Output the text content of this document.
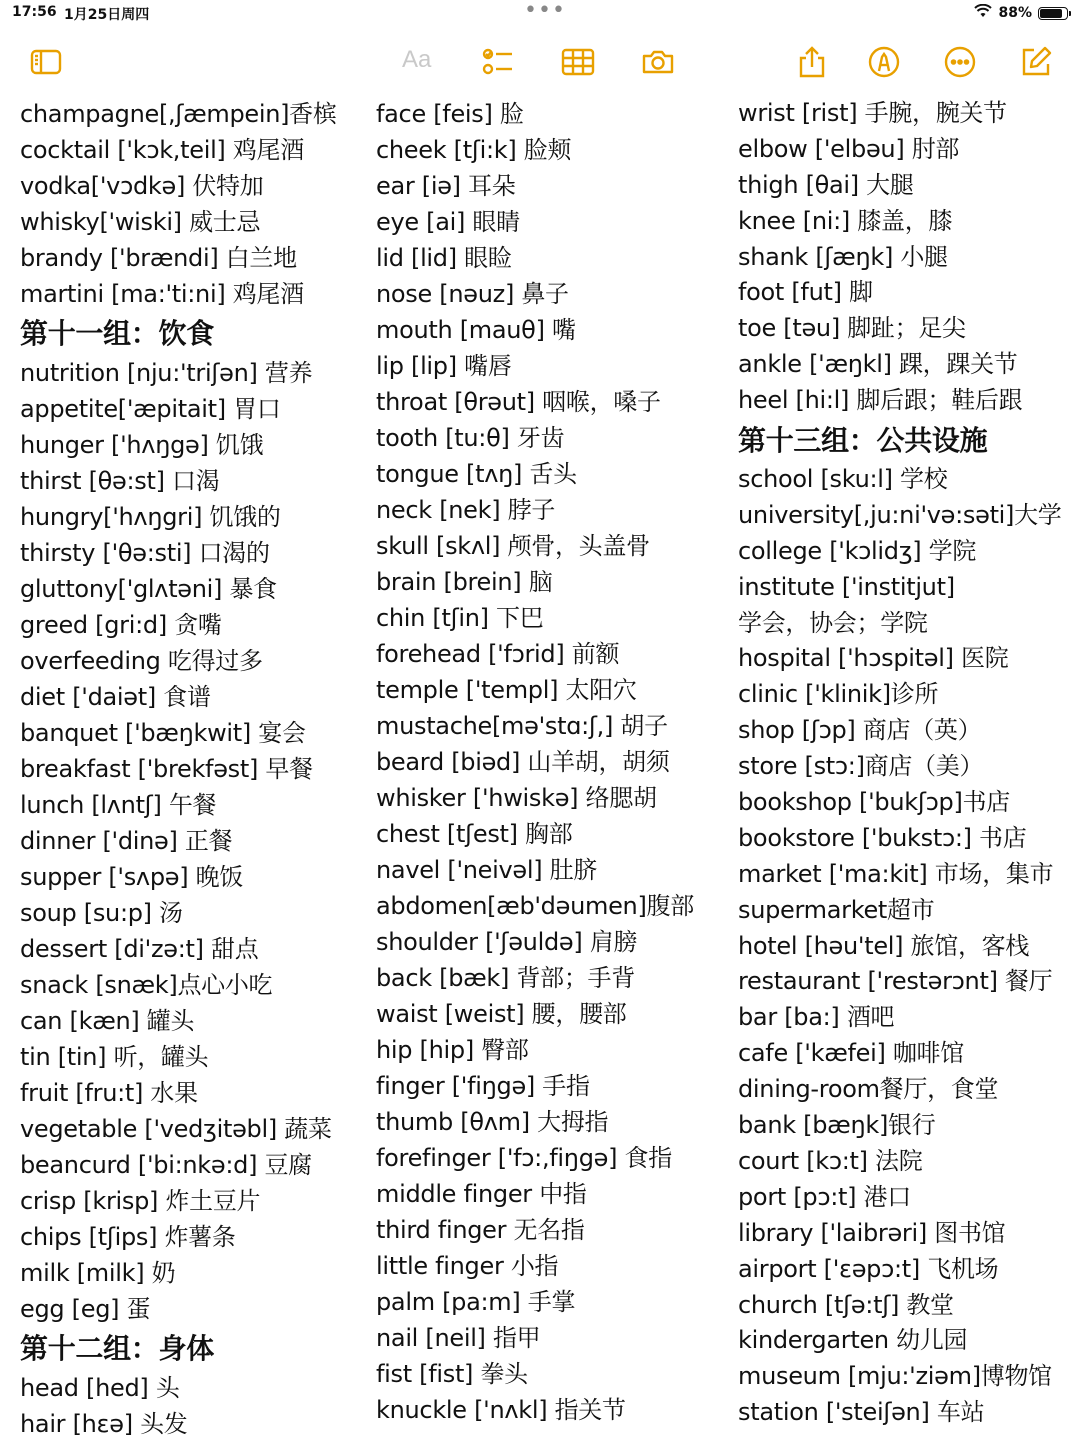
17:56 1月25日周四	•••	88%
Aa
champagne[,ʃæmpein]香槟
cocktail ['kɔk,teil] 鸡尾酒
vodka['vɔdkə] 伏特加
whisky['wiski] 威士忌
brandy ['brændi] 白兰地
martini [ma:'ti:ni] 鸡尾酒
第十一组：饮食
nutrition [nju:'triʃən] 营养
appetite['æpitait] 胃口
hunger ['hʌŋgə] 饥饿
thirst [θə:st] 口渴
hungry['hʌŋgri] 饥饿的
thirsty ['θə:sti] 口渴的
gluttony['glʌtəni] 暴食
greed [gri:d] 贪嘴
overfeeding 吃得过多
diet ['daiət] 食谱
banquet ['bæŋkwit] 宴会
breakfast ['brekfəst] 早餐
lunch [lʌntʃ] 午餐
dinner ['dinə] 正餐
supper ['sʌpə] 晚饭
soup [su:p] 汤
dessert [di'zə:t] 甜点
snack [snæk]点心小吃
can [kæn] 罐头
tin [tin] 听，罐头
fruit [fru:t] 水果
vegetable ['vedʒitəbl] 蔬菜
beancurd ['bi:nkə:d] 豆腐
crisp [krisp] 炸土豆片
chips [tʃips] 炸薯条
milk [milk] 奶
egg [eg] 蛋
第十二组：身体
head [hed] 头
hair [hεə] 头发
face [feis] 脸
cheek [tʃi:k] 脸颊
ear [iə] 耳朵
eye [ai] 眼睛
lid [lid] 眼睑
nose [nəuz] 鼻子
mouth [mauθ] 嘴
lip [lip] 嘴唇
throat [θrəut] 咽喉，嗓子
tooth [tu:θ] 牙齿
tongue [tʌŋ] 舌头
neck [nek] 脖子
skull [skʌl] 颅骨，头盖骨
brain [brein] 脑
chin [tʃin] 下巴
forehead ['fɔrid] 前额
temple ['templ] 太阳穴
mustache[mə'stɑ:ʃ,] 胡子
beard [biəd] 山羊胡，胡须
whisker ['hwiskə] 络腮胡
chest [tʃest] 胸部
navel ['neivəl] 肚脐
abdomen[æb'dəumen]腹部
shoulder ['ʃəuldə] 肩膀
back [bæk] 背部；手背
waist [weist] 腰，腰部
hip [hip] 臀部
finger ['fiŋgə] 手指
thumb [θʌm] 大拇指
forefinger ['fɔ:,fiŋgə] 食指
middle finger 中指
third finger 无名指
little finger 小指
palm [pa:m] 手掌
nail [neil] 指甲
fist [fist] 拳头
knuckle ['nʌkl] 指关节
wrist [rist] 手腕，腕关节
elbow ['elbəu] 肘部
thigh [θai] 大腿
knee [ni:] 膝盖，膝
shank [ʃæŋk] 小腿
foot [fut] 脚
toe [təu] 脚趾；足尖
ankle ['æŋkl] 踝，踝关节
heel [hi:l] 脚后跟；鞋后跟
第十三组：公共设施
school [sku:l] 学校
university[,ju:ni'və:səti]大学
college ['kɔlidʒ] 学院
institute ['institjut]
学会，协会；学院
hospital ['hɔspitəl] 医院
clinic ['klinik]诊所
shop [ʃɔp] 商店（英）
store [stɔ:]商店（美）
bookshop ['bukʃɔp]书店
bookstore ['bukstɔ:] 书店
market ['ma:kit] 市场，集市
supermarket超市
hotel [həu'tel] 旅馆，客栈
restaurant ['restərɔnt] 餐厅
bar [ba:] 酒吧
cafe ['kæfei] 咖啡馆
dining-room餐厅，食堂
bank [bæŋk]银行
court [kɔ:t] 法院
port [pɔ:t] 港口
library ['laibrəri] 图书馆
airport ['εəpɔ:t] 飞机场
church [tʃə:tʃ] 教堂
kindergarten 幼儿园
museum [mju:'ziəm]博物馆
station ['steiʃən] 车站
